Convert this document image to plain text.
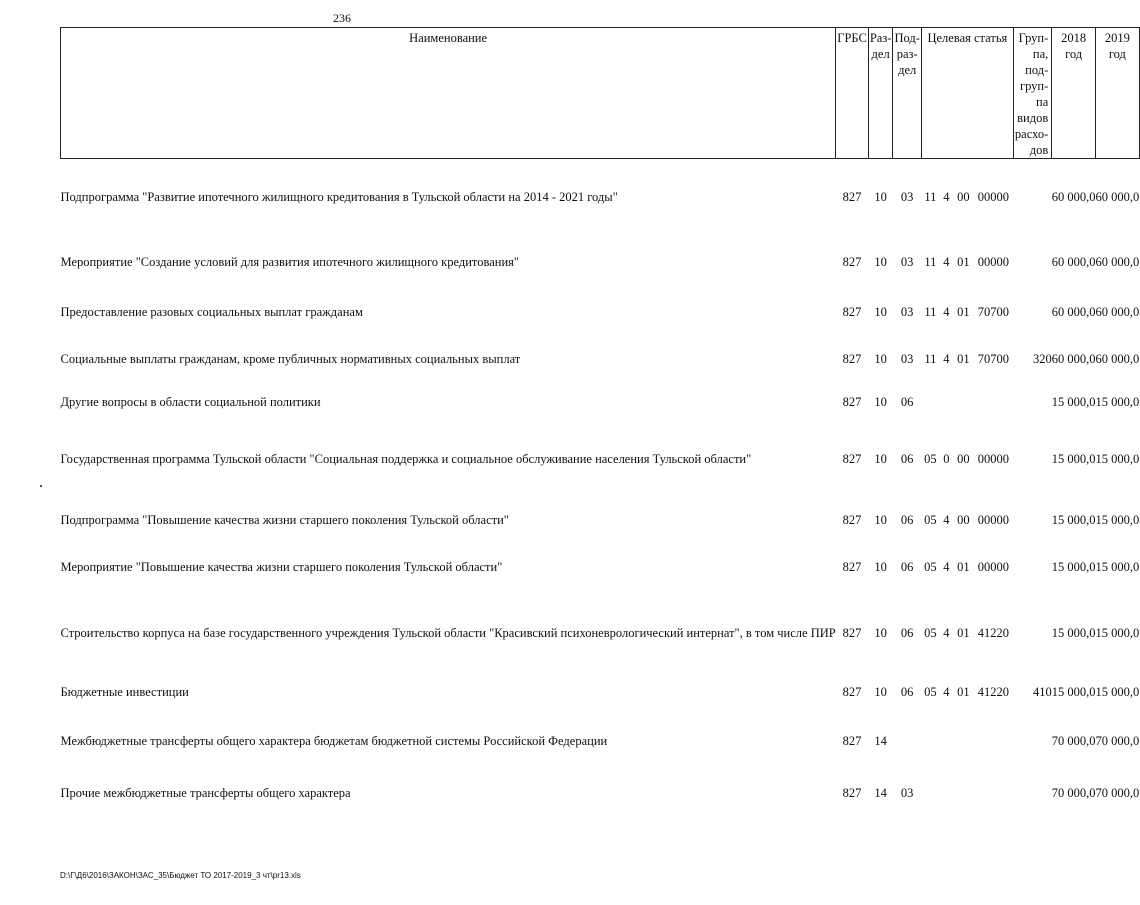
236
Наименование	ГРБС	Раз-дел	Под-раз-дел	Целевая статья	Груп-па, под-груп-па видов расхо-дов	2018 год	2019 год
Подпрограмма "Развитие ипотечного жилищного кредитования в Тульской области на 2014 - 2021 годы"	827	10	03	11 4 00 00000		60 000,0	60 000,0
Мероприятие "Создание условий для развития ипотечного жилищного кредитования"	827	10	03	11 4 01 00000		60 000,0	60 000,0
Предоставление разовых социальных выплат гражданам	827	10	03	11 4 01 70700		60 000,0	60 000,0
Социальные выплаты гражданам, кроме публичных нормативных социальных выплат	827	10	03	11 4 01 70700	320	60 000,0	60 000,0
Другие вопросы в области социальной политики	827	10	06			15 000,0	15 000,0
Государственная программа Тульской области "Социальная поддержка и социальное обслуживание населения Тульской области"	827	10	06	05 0 00 00000		15 000,0	15 000,0
Подпрограмма "Повышение качества жизни старшего поколения Тульской области"	827	10	06	05 4 00 00000		15 000,0	15 000,0
Мероприятие "Повышение качества жизни старшего поколения Тульской области"	827	10	06	05 4 01 00000		15 000,0	15 000,0
Строительство корпуса на базе государственного учреждения Тульской области "Красивский психоневрологический интернат", в том числе ПИР	827	10	06	05 4 01 41220		15 000,0	15 000,0
Бюджетные инвестиции	827	10	06	05 4 01 41220	410	15 000,0	15 000,0
Межбюджетные трансферты общего характера бюджетам бюджетной системы Российской Федерации	827	14				70 000,0	70 000,0
Прочие межбюджетные трансферты общего характера	827	14	03			70 000,0	70 000,0
D:\Г\Д6\2016\ЗАКОН\ЗАС_35\Бюджет ТО 2017-2019_3 чт\pr13.xls
